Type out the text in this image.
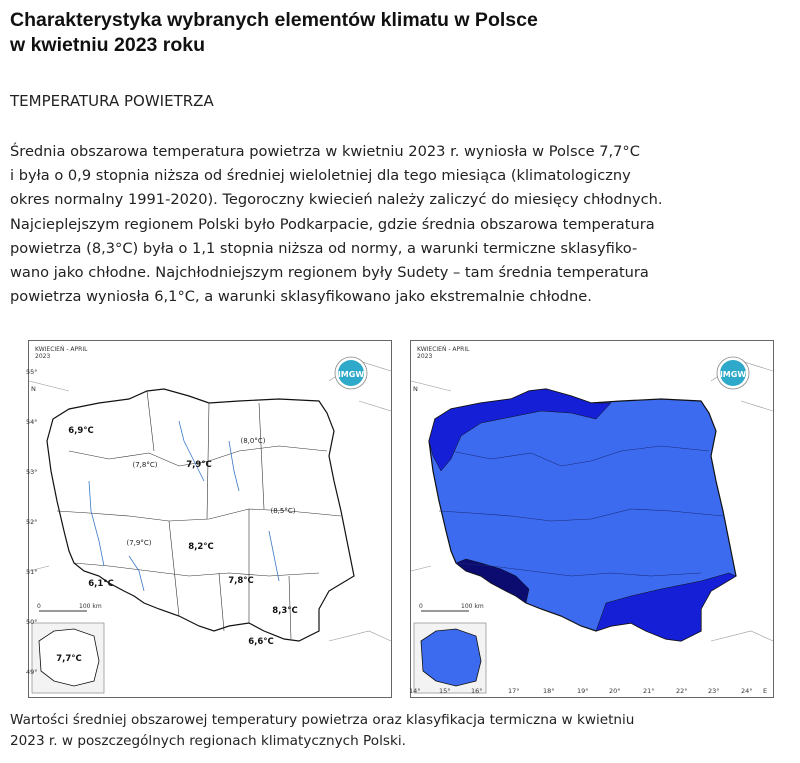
Charakterystyka wybranych elementów klimatu w Polsce
w kwietniu 2023 roku
TEMPERATURA POWIETRZA
Średnia obszarowa temperatura powietrza w kwietniu 2023 r. wyniosła w Polsce 7,7°C
i była o 0,9 stopnia niższa od średniej wieloletniej dla tego miesiąca (klimatologiczny
okres normalny 1991-2020). Tegoroczny kwiecień należy zaliczyć do miesięcy chłodnych.
Najcieplejszym regionem Polski było Podkarpacie, gdzie średnia obszarowa temperatura
powietrza (8,3°C) była o 1,1 stopnia niższa od normy, a warunki termiczne sklasyfiko-
wano jako chłodne. Najchłodniejszym regionem były Sudety – tam średnia temperatura
powietrza wyniosła 6,1°C, a warunki sklasyfikowano jako ekstremalnie chłodne.
IMGW
KWIECIEŃ - APRIL
2023
N
0	100 km
7,7°C
6,9°C
(7,8°C)	7,9°C
(8,0°C)
(8,5°C)
(7,9°C)	8,2°C
6,1°C	7,8°C
8,3°C
6,6°C
55°
54°
53°
52°
51°
50°
49°
IMGW
KWIECIEŃ - APRIL
2023
N
0	100 km
14°	15°	16°	17°	18°	19°	20°	21°	22°	23°	24° E
Wartości średniej obszarowej temperatury powietrza oraz klasyfikacja termiczna w kwietniu
2023 r. w poszczególnych regionach klimatycznych Polski.
